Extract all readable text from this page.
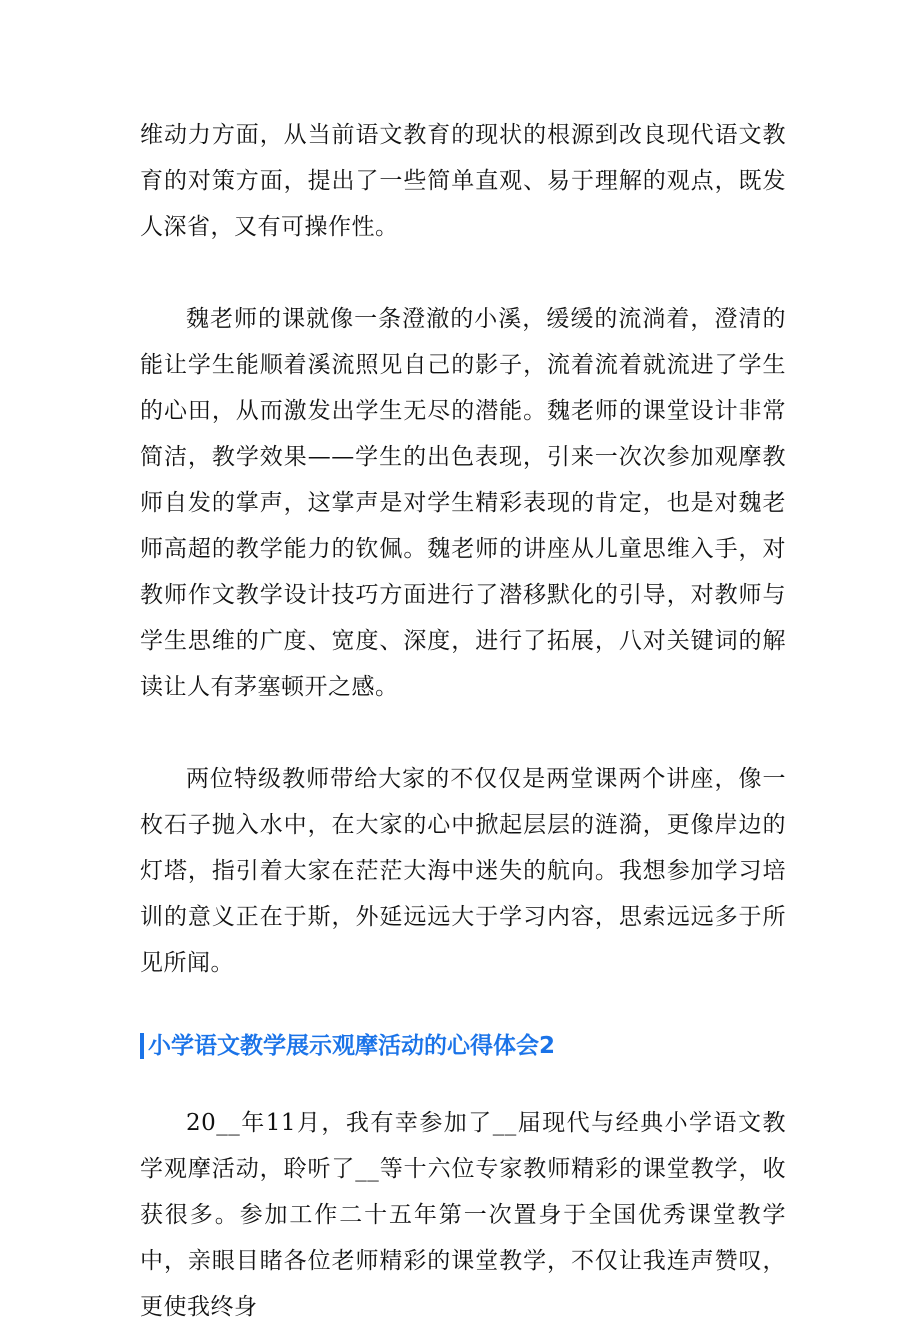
维动力方面，从当前语文教育的现状的根源到改良现代语文教育的对策方面，提出了一些简单直观、易于理解的观点，既发人深省，又有可操作性。

魏老师的课就像一条澄澈的小溪，缓缓的流淌着，澄清的能让学生能顺着溪流照见自己的影子，流着流着就流进了学生的心田，从而激发出学生无尽的潜能。魏老师的课堂设计非常简洁，教学效果——学生的出色表现，引来一次次参加观摩教师自发的掌声，这掌声是对学生精彩表现的肯定，也是对魏老师高超的教学能力的钦佩。魏老师的讲座从儿童思维入手，对教师作文教学设计技巧方面进行了潜移默化的引导，对教师与学生思维的广度、宽度、深度，进行了拓展，八对关键词的解读让人有茅塞顿开之感。

两位特级教师带给大家的不仅仅是两堂课两个讲座，像一枚石子抛入水中，在大家的心中掀起层层的涟漪，更像岸边的灯塔，指引着大家在茫茫大海中迷失的航向。我想参加学习培训的意义正在于斯，外延远远大于学习内容，思索远远多于所见所闻。

小学语文教学展示观摩活动的心得体会2

20__年11月，我有幸参加了__届现代与经典小学语文教学观摩活动，聆听了__等十六位专家教师精彩的课堂教学，收获很多。参加工作二十五年第一次置身于全国优秀课堂教学中，亲眼目睹各位老师精彩的课堂教学，不仅让我连声赞叹，更使我终身
